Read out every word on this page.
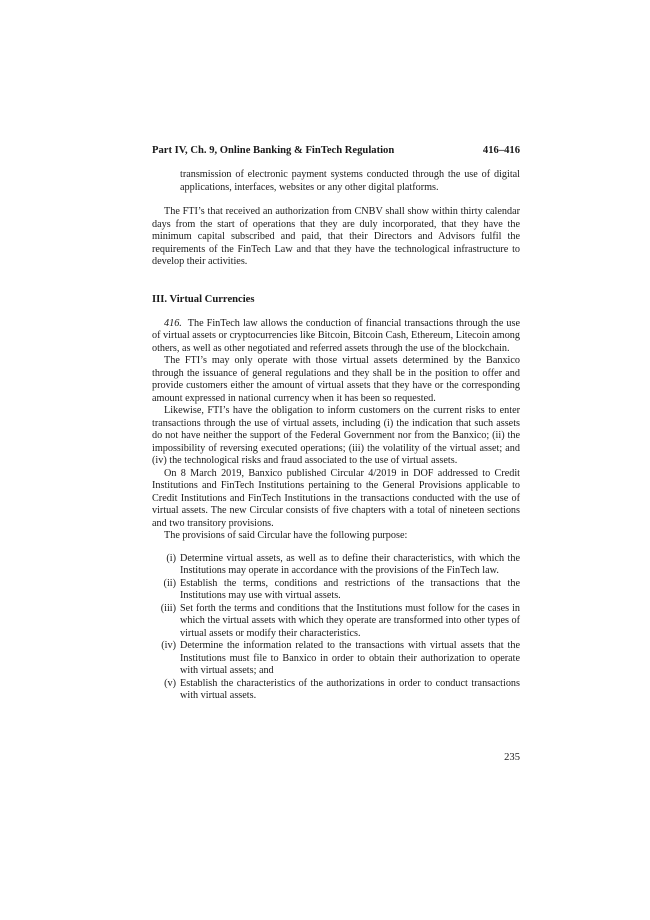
Part IV, Ch. 9, Online Banking & FinTech Regulation	416–416

transmission of electronic payment systems conducted through the use of digital applications, interfaces, websites or any other digital platforms.

The FTI’s that received an authorization from CNBV shall show within thirty calendar days from the start of operations that they are duly incorporated, that they have the minimum capital subscribed and paid, that their Directors and Advisors fulfil the requirements of the FinTech Law and that they have the technological infrastructure to develop their activities.

III. Virtual Currencies

416. The FinTech law allows the conduction of financial transactions through the use of virtual assets or cryptocurrencies like Bitcoin, Bitcoin Cash, Ethereum, Litecoin among others, as well as other negotiated and referred assets through the use of the blockchain.

The FTI’s may only operate with those virtual assets determined by the Banxico through the issuance of general regulations and they shall be in the position to offer and provide customers either the amount of virtual assets that they have or the corresponding amount expressed in national currency when it has been so requested.

Likewise, FTI’s have the obligation to inform customers on the current risks to enter transactions through the use of virtual assets, including (i) the indication that such assets do not have neither the support of the Federal Government nor from the Banxico; (ii) the impossibility of reversing executed operations; (iii) the volatility of the virtual asset; and (iv) the technological risks and fraud associated to the use of virtual assets.

On 8 March 2019, Banxico published Circular 4/2019 in DOF addressed to Credit Institutions and FinTech Institutions pertaining to the General Provisions applicable to Credit Institutions and FinTech Institutions in the transactions conducted with the use of virtual assets. The new Circular consists of five chapters with a total of nineteen sections and two transitory provisions.

The provisions of said Circular have the following purpose:

(i) Determine virtual assets, as well as to define their characteristics, with which the Institutions may operate in accordance with the provisions of the FinTech law.
(ii) Establish the terms, conditions and restrictions of the transactions that the Institutions may use with virtual assets.
(iii) Set forth the terms and conditions that the Institutions must follow for the cases in which the virtual assets with which they operate are transformed into other types of virtual assets or modify their characteristics.
(iv) Determine the information related to the transactions with virtual assets that the Institutions must file to Banxico in order to obtain their authorization to operate with virtual assets; and
(v) Establish the characteristics of the authorizations in order to conduct transactions with virtual assets.
235
